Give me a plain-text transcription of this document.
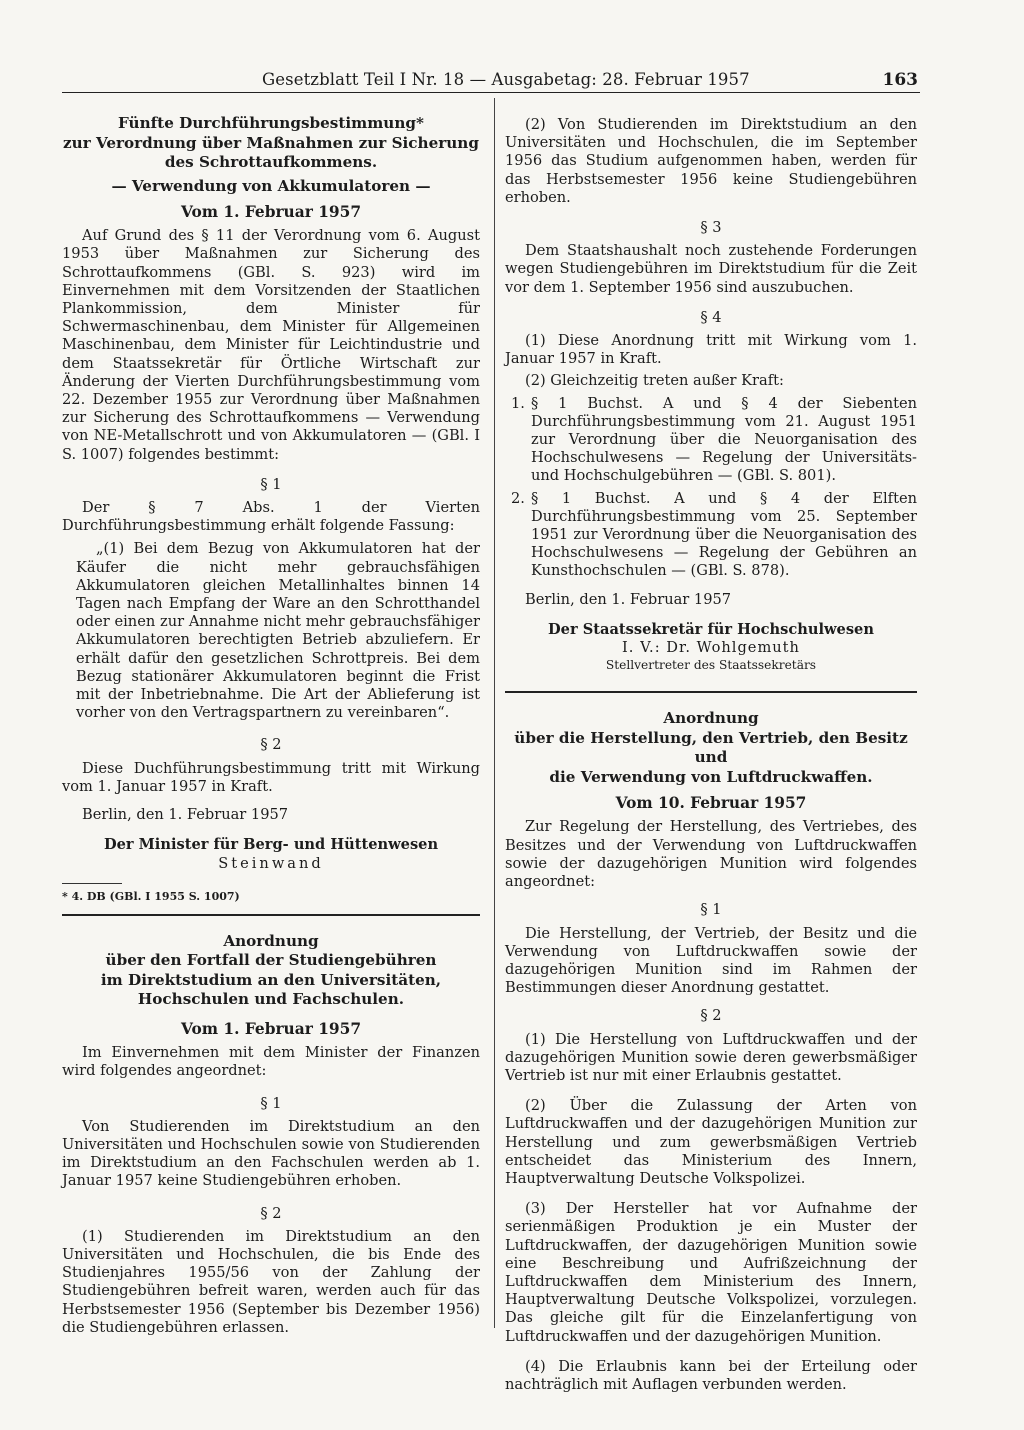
Gesetzblatt Teil I Nr. 18 — Ausgabetag: 28. Februar 1957	163
Fünfte Durchführungsbestimmung*
zur Verordnung über Maßnahmen zur Sicherung
des Schrottaufkommens.
— Verwendung von Akkumulatoren —
Vom 1. Februar 1957

Auf Grund des § 11 der Verordnung vom 6. August 1953 über Maßnahmen zur Sicherung des Schrottaufkommens (GBl. S. 923) wird im Einvernehmen mit dem Vorsitzenden der Staatlichen Plankommission, dem Minister für Schwermaschinenbau, dem Minister für Allgemeinen Maschinenbau, dem Minister für Leichtindustrie und dem Staatssekretär für Örtliche Wirtschaft zur Änderung der Vierten Durchführungsbestimmung vom 22. Dezember 1955 zur Verordnung über Maßnahmen zur Sicherung des Schrottaufkommens — Verwendung von NE-Metallschrott und von Akkumulatoren — (GBl. I S. 1007) folgendes bestimmt:

§ 1

Der § 7 Abs. 1 der Vierten Durchführungsbestimmung erhält folgende Fassung:

„(1) Bei dem Bezug von Akkumulatoren hat der Käufer die nicht mehr gebrauchsfähigen Akkumulatoren gleichen Metallinhaltes binnen 14 Tagen nach Empfang der Ware an den Schrotthandel oder einen zur Annahme nicht mehr gebrauchsfähiger Akkumulatoren berechtigten Betrieb abzuliefern. Er erhält dafür den gesetzlichen Schrottpreis. Bei dem Bezug stationärer Akkumulatoren beginnt die Frist mit der Inbetriebnahme. Die Art der Ablieferung ist vorher von den Vertragspartnern zu vereinbaren“.

§ 2

Diese Duchführungsbestimmung tritt mit Wirkung vom 1. Januar 1957 in Kraft.

Berlin, den 1. Februar 1957
Der Minister für Berg- und Hüttenwesen
Steinwand
* 4. DB (GBl. I 1955 S. 1007)
Anordnung
über den Fortfall der Studiengebühren
im Direktstudium an den Universitäten,
Hochschulen und Fachschulen.
Vom 1. Februar 1957

Im Einvernehmen mit dem Minister der Finanzen wird folgendes angeordnet:

§ 1

Von Studierenden im Direktstudium an den Universitäten und Hochschulen sowie von Studierenden im Direktstudium an den Fachschulen werden ab 1. Januar 1957 keine Studiengebühren erhoben.

§ 2

(1) Studierenden im Direktstudium an den Universitäten und Hochschulen, die bis Ende des Studienjahres 1955/56 von der Zahlung der Studiengebühren befreit waren, werden auch für das Herbstsemester 1956 (September bis Dezember 1956) die Studiengebühren erlassen.

(2) Von Studierenden im Direktstudium an den Universitäten und Hochschulen, die im September 1956 das Studium aufgenommen haben, werden für das Herbstsemester 1956 keine Studiengebühren erhoben.

§ 3

Dem Staatshaushalt noch zustehende Forderungen wegen Studiengebühren im Direktstudium für die Zeit vor dem 1. September 1956 sind auszubuchen.

§ 4

(1) Diese Anordnung tritt mit Wirkung vom 1. Januar 1957 in Kraft.

(2) Gleichzeitig treten außer Kraft:

1. § 1 Buchst. A und § 4 der Siebenten Durchführungsbestimmung vom 21. August 1951 zur Verordnung über die Neuorganisation des Hochschulwesens — Regelung der Universitäts- und Hochschulgebühren — (GBl. S. 801).
2. § 1 Buchst. A und § 4 der Elften Durchführungsbestimmung vom 25. September 1951 zur Verordnung über die Neuorganisation des Hochschulwesens — Regelung der Gebühren an Kunsthochschulen — (GBl. S. 878).
Berlin, den 1. Februar 1957
Der Staatssekretär für Hochschulwesen
I. V.: Dr. Wohlgemuth
Stellvertreter des Staatssekretärs
Anordnung
über die Herstellung, den Vertrieb, den Besitz und
die Verwendung von Luftdruckwaffen.
Vom 10. Februar 1957

Zur Regelung der Herstellung, des Vertriebes, des Besitzes und der Verwendung von Luftdruckwaffen sowie der dazugehörigen Munition wird folgendes angeordnet:

§ 1

Die Herstellung, der Vertrieb, der Besitz und die Verwendung von Luftdruckwaffen sowie der dazugehörigen Munition sind im Rahmen der Bestimmungen dieser Anordnung gestattet.

§ 2

(1) Die Herstellung von Luftdruckwaffen und der dazugehörigen Munition sowie deren gewerbsmäßiger Vertrieb ist nur mit einer Erlaubnis gestattet.

(2) Über die Zulassung der Arten von Luftdruckwaffen und der dazugehörigen Munition zur Herstellung und zum gewerbsmäßigen Vertrieb entscheidet das Ministerium des Innern, Hauptverwaltung Deutsche Volkspolizei.

(3) Der Hersteller hat vor Aufnahme der serienmäßigen Produktion je ein Muster der Luftdruckwaffen, der dazugehörigen Munition sowie eine Beschreibung und Aufrißzeichnung der Luftdruckwaffen dem Ministerium des Innern, Hauptverwaltung Deutsche Volkspolizei, vorzulegen. Das gleiche gilt für die Einzelanfertigung von Luftdruckwaffen und der dazugehörigen Munition.

(4) Die Erlaubnis kann bei der Erteilung oder nachträglich mit Auflagen verbunden werden.
